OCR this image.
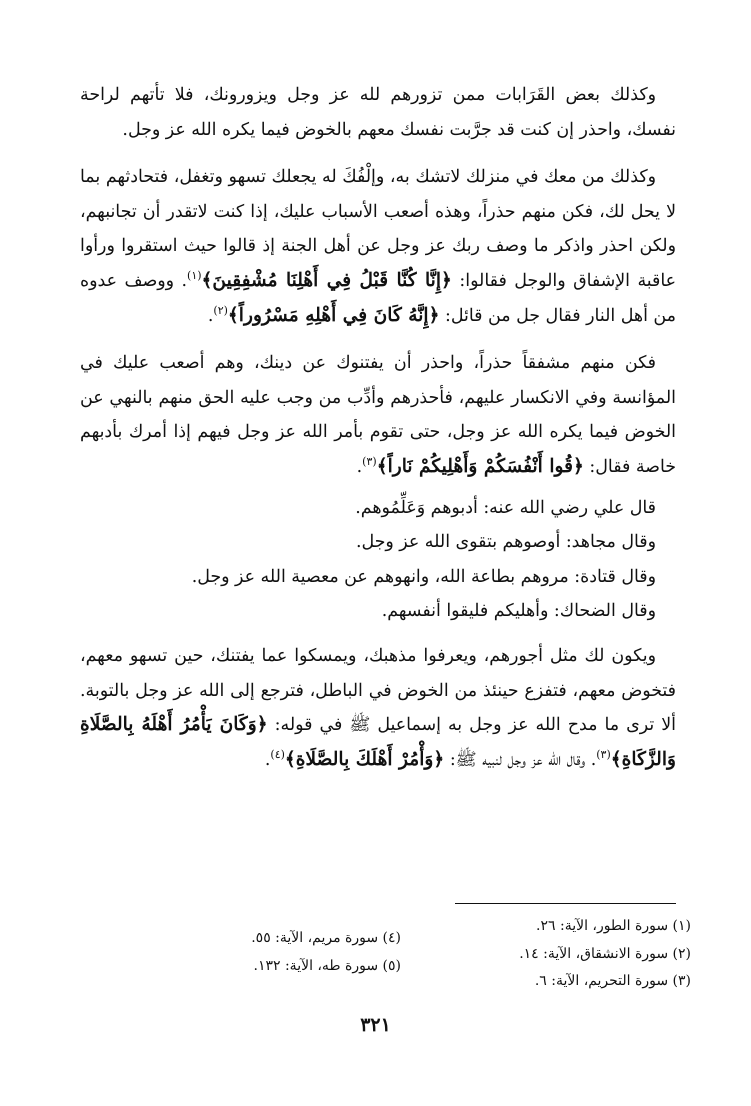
وكذلك بعض القَرَابات ممن تزورهم لله عز وجل ويزورونك، فلا تأتهم لراحة نفسك، واحذر إن كنت قد جرَّبت نفسك معهم بالخوض فيما يكره الله عز وجل.

وكذلك من معك في منزلك لاتشك به، وإلْفُكَ له يجعلك تسهو وتغفل، فتحادثهم بما لا يحل لك، فكن منهم حذراً، وهذه أصعب الأسباب عليك، إذا كنت لاتقدر أن تجانبهم، ولكن احذر واذكر ما وصف ربك عز وجل عن أهل الجنة إذ قالوا حيث استقروا ورأوا عاقبة الإشفاق والوجل فقالوا: ﴿إِنَّا كُنَّا قَبْلُ فِي أَهْلِنَا مُشْفِقِينَ﴾$^{(١)}$. ووصف عدوه من أهل النار فقال جل من قائل: ﴿إِنَّهُ كَانَ فِي أَهْلِهِ مَسْرُوراً﴾$^{(٢)}$.

فكن منهم مشفقاً حذراً، واحذر أن يفتنوك عن دينك، وهم أصعب عليك في المؤانسة وفي الانكسار عليهم، فأحذرهم وأدِّب من وجب عليه الحق منهم بالنهي عن الخوض فيما يكره الله عز وجل، حتى تقوم بأمر الله عز وجل فيهم إذا أمرك بأدبهم خاصة فقال: ﴿قُوا أَنْفُسَكُمْ وَأَهْلِيكُمْ نَاراً﴾$^{(٣)}$.

قال علي رضي الله عنه: أدبوهم وَعَلِّمُوهم.

وقال مجاهد: أوصوهم بتقوى الله عز وجل.

وقال قتادة: مروهم بطاعة الله، وانهوهم عن معصية الله عز وجل.

وقال الضحاك: وأهليكم فليقوا أنفسهم.

ويكون لك مثل أجورهم، ويعرفوا مذهبك، ويمسكوا عما يفتنك، حين تسهو معهم، فتخوض معهم، فتفزع حينئذ من الخوض في الباطل، فترجع إلى الله عز وجل بالتوبة. ألا ترى ما مدح الله عز وجل به إسماعيل ﷺ في قوله: ﴿وَكَانَ يَأْمُرُ أَهْلَهُ بِالصَّلَاةِ وَالزَّكَاةِ﴾$^{(٣)}$. وقال الله عز وجل لنبيه ﷺ: ﴿وَأْمُرْ أَهْلَكَ بِالصَّلَاةِ﴾$^{(٤)}$.

(١) سورة الطور، الآية: ٢٦.

(٢) سورة الانشقاق، الآية: ١٤.

(٣) سورة التحريم، الآية: ٦.

(٤) سورة مريم، الآية: ٥٥.

(٥) سورة طه، الآية: ١٣٢.

٣٢١
